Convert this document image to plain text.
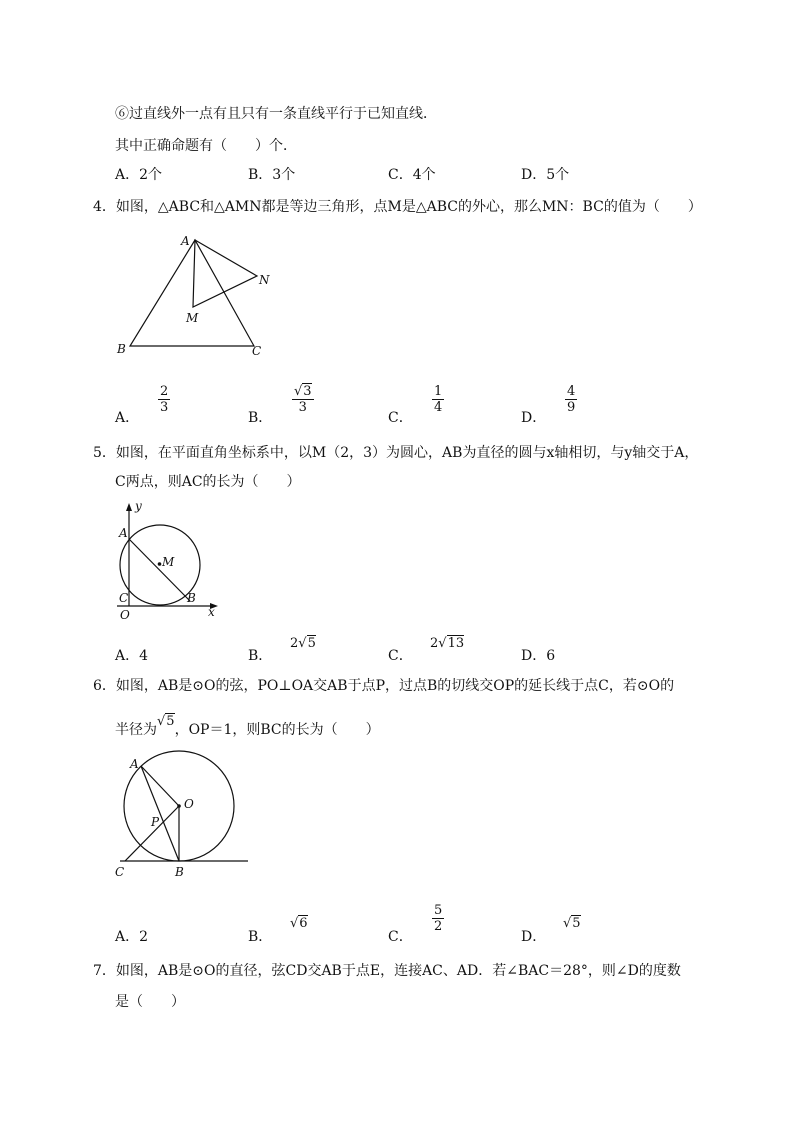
⑥过直线外一点有且只有一条直线平行于已知直线．
其中正确命题有（　　）个．
A．2个	B．3个	C．4个	D．5个
4．如图，△ABC和△AMN都是等边三角形，点M是△ABC的外心，那么MN：BC的值为（　　）
A
B	C
M
N
A．
$\frac{2}{3}$
B．
$\frac{√3}{3}$
C．
$\frac{1}{4}$
D．
$\frac{4}{9}$
5．如图，在平面直角坐标系中，以M（2，3）为圆心，AB为直径的圆与x轴相切，与y轴交于A，
C两点，则AC的长为（　　）
y
x
A
M
C	B
O
A．4	B．
2√5
C．
2√13
D．6
6．如图，AB是⊙O的弦，PO⊥OA交AB于点P，过点B的切线交OP的延长线于点C，若⊙O的
半径为√5，OP＝1，则BC的长为（　　）
A
O
P
C	B
A．2	B．
√6
C．
$\frac{5}{2}$
D．
√5
7．如图，AB是⊙O的直径，弦CD交AB于点E，连接AC、AD．若∠BAC＝28°，则∠D的度数
是（　　）
